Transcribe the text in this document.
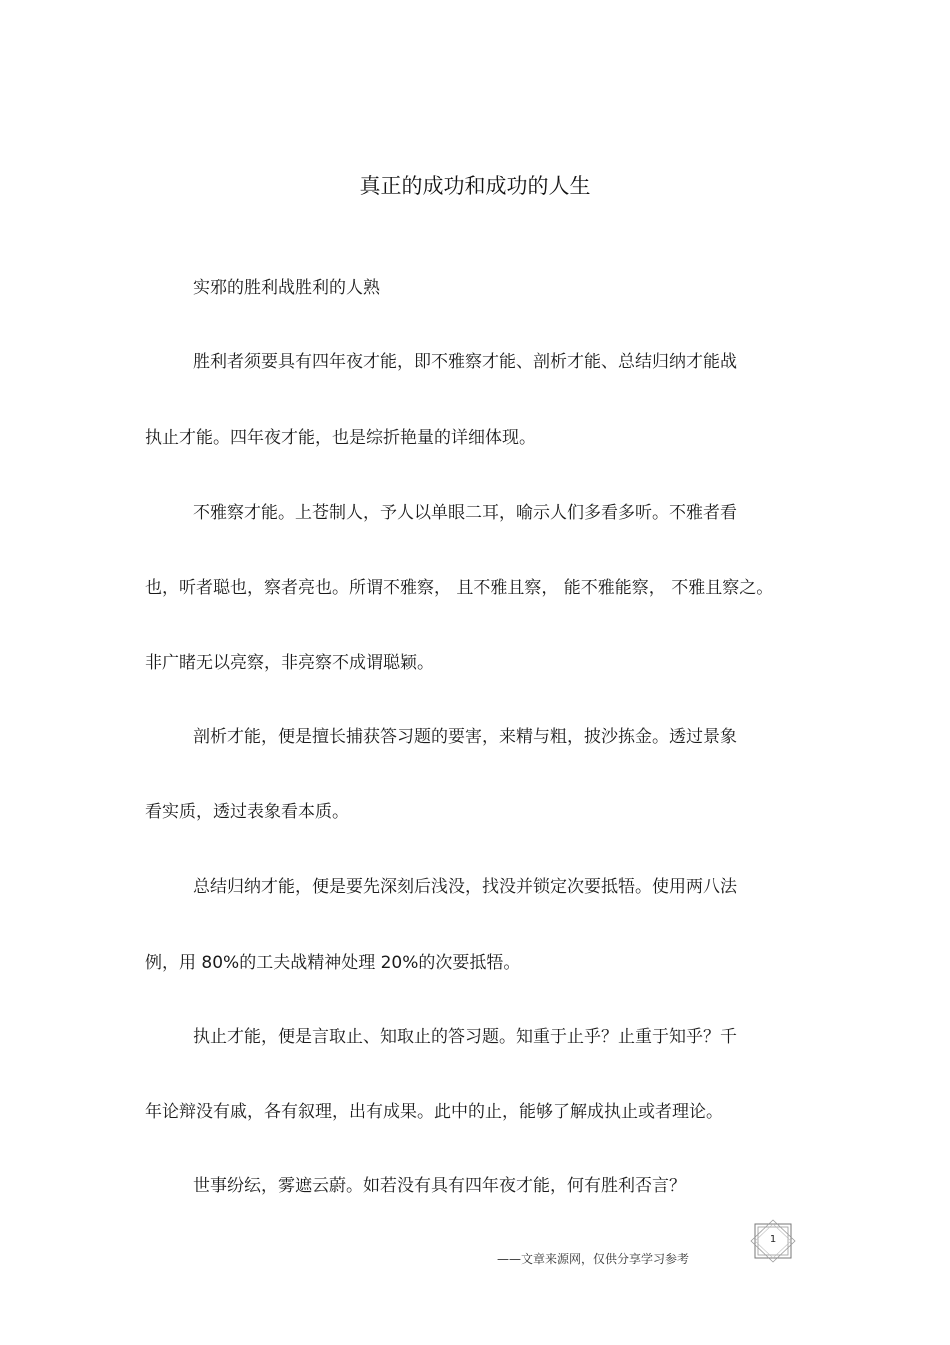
真正的成功和成功的人生
实邪的胜利战胜利的人熟
胜利者须要具有四年夜才能，即不雅察才能、剖析才能、总结归纳才能战
执止才能。四年夜才能，也是综折艳量的详细体现。
不雅察才能。上苍制人，予人以单眼二耳，喻示人们多看多听。不雅者看
也，听者聪也，察者亮也。所谓不雅察， 且不雅且察， 能不雅能察， 不雅且察之。
非广睹无以亮察，非亮察不成谓聪颖。
剖析才能，便是擅长捕获答习题的要害，来精与粗，披沙拣金。透过景象
看实质，透过表象看本质。
总结归纳才能，便是要先深刻后浅没，找没并锁定次要抵牾。使用两八法
例，用 80%的工夫战精神处理 20%的次要抵牾。
执止才能，便是言取止、知取止的答习题。知重于止乎？止重于知乎？千
年论辩没有戚，各有叙理，出有成果。此中的止，能够了解成执止或者理论。
世事纷纭，雾遮云蔚。如若没有具有四年夜才能，何有胜利否言？
1
——文章来源网，仅供分享学习参考
